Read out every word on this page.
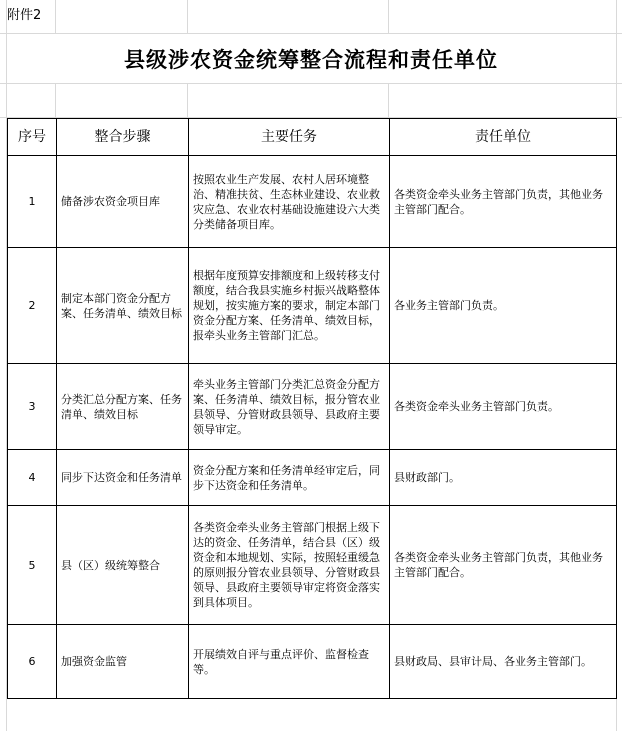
附件2
县级涉农资金统筹整合流程和责任单位
序号	整合步骤	主要任务	责任单位
1	储备涉农资金项目库	按照农业生产发展、农村人居环境整治、精准扶贫、生态林业建设、农业救灾应急、农业农村基础设施建设六大类分类储备项目库。	各类资金牵头业务主管部门负责，其他业务主管部门配合。
2	制定本部门资金分配方案、任务清单、绩效目标	根据年度预算安排额度和上级转移支付额度，结合我县实施乡村振兴战略整体规划，按实施方案的要求，制定本部门资金分配方案、任务清单、绩效目标，报牵头业务主管部门汇总。	各业务主管部门负责。
3	分类汇总分配方案、任务清单、绩效目标	牵头业务主管部门分类汇总资金分配方案、任务清单、绩效目标，报分管农业县领导、分管财政县领导、县政府主要领导审定。	各类资金牵头业务主管部门负责。
4	同步下达资金和任务清单	资金分配方案和任务清单经审定后，同步下达资金和任务清单。	县财政部门。
5	县（区）级统筹整合	各类资金牵头业务主管部门根据上级下达的资金、任务清单，结合县（区）级资金和本地规划、实际，按照轻重缓急的原则报分管农业县领导、分管财政县领导、县政府主要领导审定将资金落实到具体项目。	各类资金牵头业务主管部门负责，其他业务主管部门配合。
6	加强资金监管	开展绩效自评与重点评价、监督检查等。	县财政局、县审计局、各业务主管部门。
